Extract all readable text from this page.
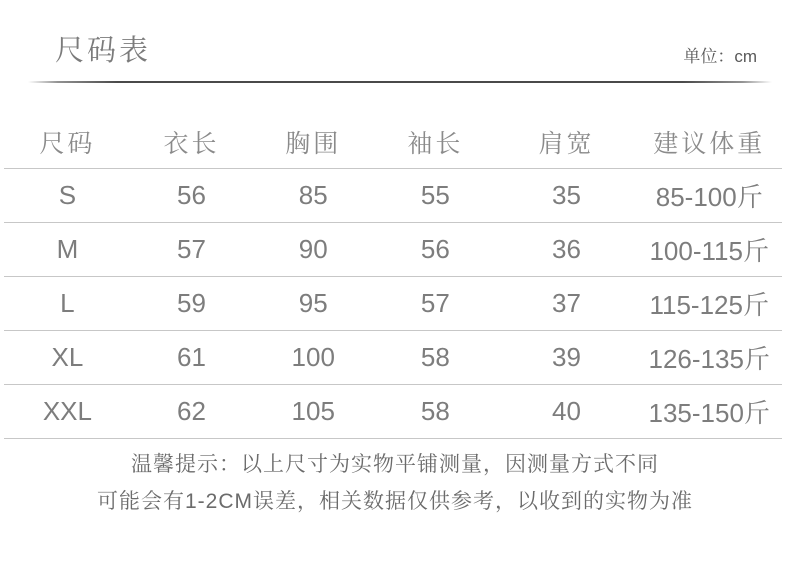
尺码表	单位：cm
尺码	衣长	胸围	袖长	肩宽	建议体重
S	56	85	55	35	85-100斤
M	57	90	56	36	100-115斤
L	59	95	57	37	115-125斤
XL	61	100	58	39	126-135斤
XXL	62	105	58	40	135-150斤
温馨提示：以上尺寸为实物平铺测量，因测量方式不同
可能会有1-2CM误差，相关数据仅供参考，以收到的实物为准
